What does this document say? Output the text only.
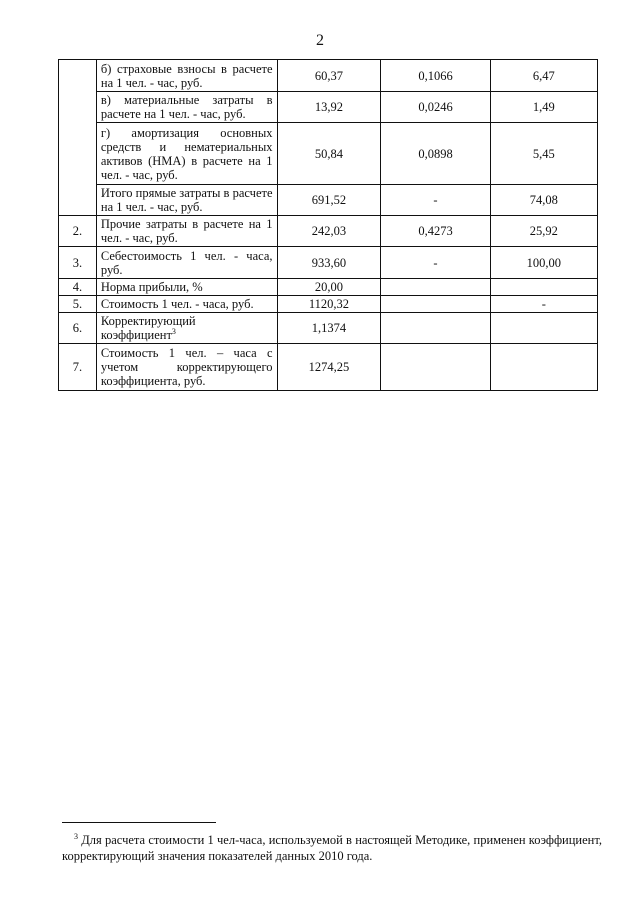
2
	б) страховые взносы в расчете на 1 чел. - час, руб.	60,37	0,1066	6,47
	в) материальные затраты в расчете на 1 чел. - час, руб.	13,92	0,0246	1,49
	г) амортизация основных средств и нематериальных активов (НМА) в расчете на 1 чел. - час, руб.	50,84	0,0898	5,45
	Итого прямые затраты в расчете на 1 чел. - час, руб.	691,52	-	74,08
2.	Прочие затраты в расчете на 1 чел. - час, руб.	242,03	0,4273	25,92
3.	Себестоимость 1 чел. - часа, руб.	933,60	-	100,00
4.	Норма прибыли, %	20,00		
5.	Стоимость 1 чел. - часа, руб.	1120,32		-
6.	Корректирующий коэффициент$^3$	1,1374		
7.	Стоимость 1 чел. – часа с учетом корректирующего коэффициента, руб.	1274,25		
$^3$ Для расчета стоимости 1 чел-часа, используемой в настоящей Методике, применен коэффициент, корректирующий значения показателей данных 2010 года.
